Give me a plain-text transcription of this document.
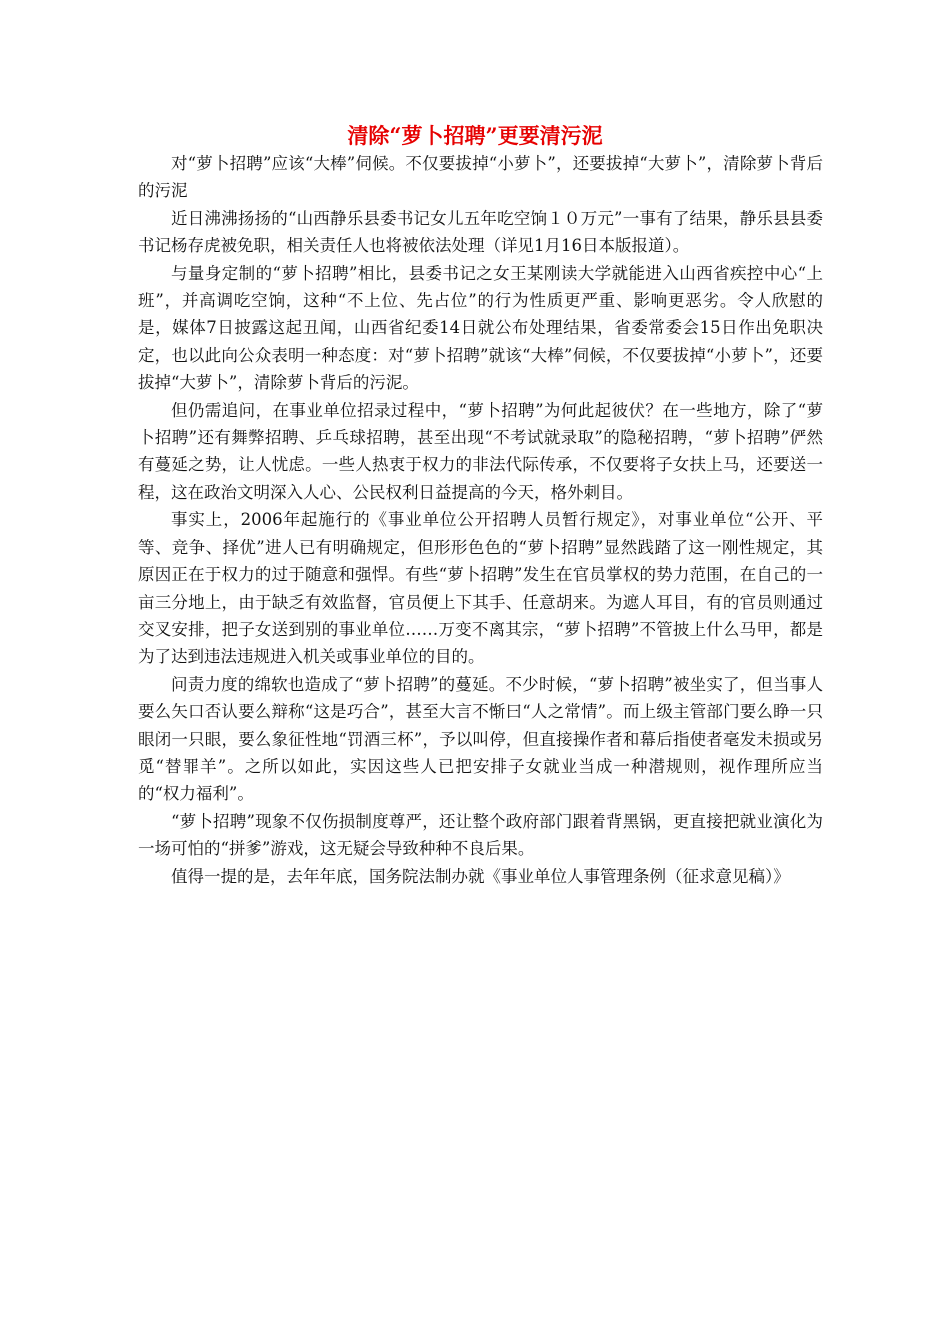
清除“萝卜招聘”更要清污泥

对“萝卜招聘”应该“大棒”伺候。不仅要拔掉“小萝卜”，还要拔掉“大萝卜”，清除萝卜背后的污泥

近日沸沸扬扬的“山西静乐县委书记女儿五年吃空饷１０万元”一事有了结果，静乐县县委书记杨存虎被免职，相关责任人也将被依法处理（详见1月16日本版报道）。

与量身定制的“萝卜招聘”相比，县委书记之女王某刚读大学就能进入山西省疾控中心“上班”，并高调吃空饷，这种“不上位、先占位”的行为性质更严重、影响更恶劣。令人欣慰的是，媒体7日披露这起丑闻，山西省纪委14日就公布处理结果，省委常委会15日作出免职决定，也以此向公众表明一种态度：对“萝卜招聘”就该“大棒”伺候，不仅要拔掉“小萝卜”，还要拔掉“大萝卜”，清除萝卜背后的污泥。

但仍需追问，在事业单位招录过程中，“萝卜招聘”为何此起彼伏？在一些地方，除了“萝卜招聘”还有舞弊招聘、乒乓球招聘，甚至出现“不考试就录取”的隐秘招聘，“萝卜招聘”俨然有蔓延之势，让人忧虑。一些人热衷于权力的非法代际传承，不仅要将子女扶上马，还要送一程，这在政治文明深入人心、公民权利日益提高的今天，格外刺目。

事实上，2006年起施行的《事业单位公开招聘人员暂行规定》，对事业单位“公开、平等、竞争、择优”进人已有明确规定，但形形色色的“萝卜招聘”显然践踏了这一刚性规定，其原因正在于权力的过于随意和强悍。有些“萝卜招聘”发生在官员掌权的势力范围，在自己的一亩三分地上，由于缺乏有效监督，官员便上下其手、任意胡来。为遮人耳目，有的官员则通过交叉安排，把子女送到别的事业单位……万变不离其宗，“萝卜招聘”不管披上什么马甲，都是为了达到违法违规进入机关或事业单位的目的。

问责力度的绵软也造成了“萝卜招聘”的蔓延。不少时候，“萝卜招聘”被坐实了，但当事人要么矢口否认要么辩称“这是巧合”，甚至大言不惭曰“人之常情”。而上级主管部门要么睁一只眼闭一只眼，要么象征性地“罚酒三杯”，予以叫停，但直接操作者和幕后指使者毫发未损或另觅“替罪羊”。之所以如此，实因这些人已把安排子女就业当成一种潜规则，视作理所应当的“权力福利”。

“萝卜招聘”现象不仅伤损制度尊严，还让整个政府部门跟着背黑锅，更直接把就业演化为一场可怕的“拼爹”游戏，这无疑会导致种种不良后果。

值得一提的是，去年年底，国务院法制办就《事业单位人事管理条例（征求意见稿）》
